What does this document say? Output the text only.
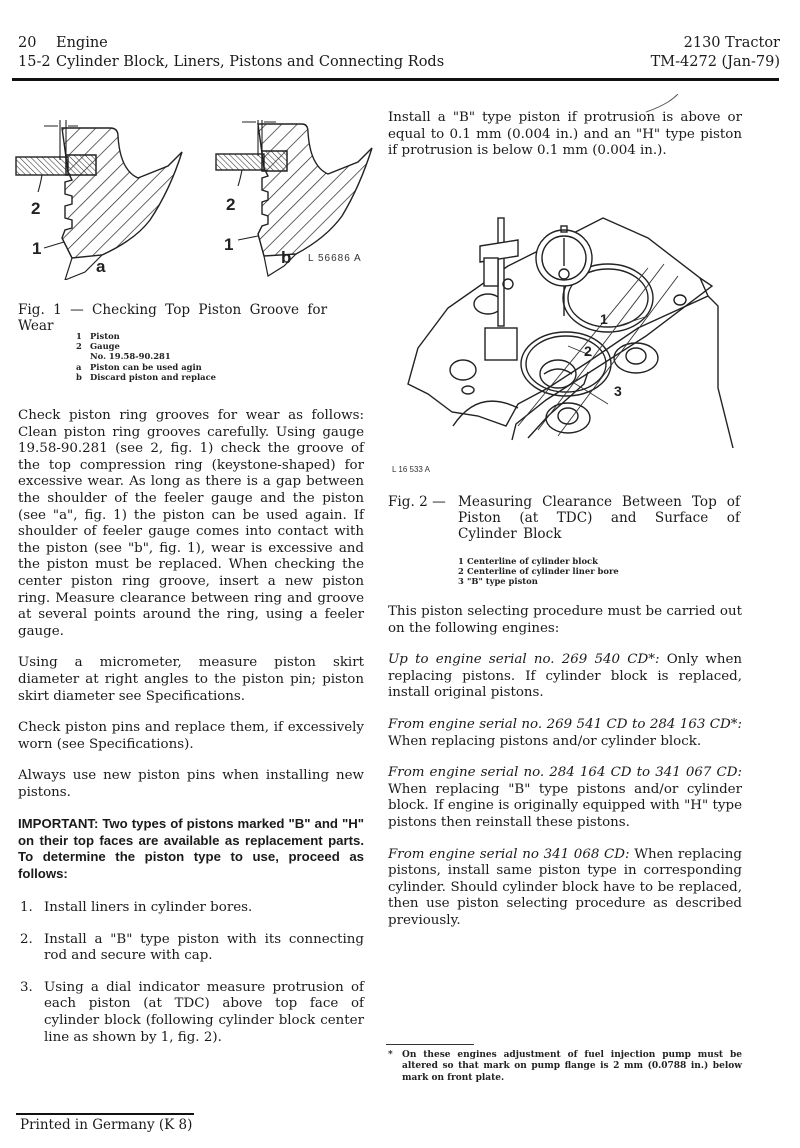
20 Engine
15-2 Cylinder Block, Liners, Pistons and Connecting Rods
2130 Tractor
TM-4272 (Jan-79)
2
1
a
2
1
b L 56686 A
Fig. 1 — Checking Top Piston Groove for Wear
1 Piston
2 Gauge
No. 19.58-90.281
a Piston can be used agin
b Discard piston and replace

Check piston ring grooves for wear as follows: Clean piston ring grooves carefully. Using gauge 19.58-90.281 (see 2, fig. 1) check the groove of the top compression ring (keystone-shaped) for excessive wear. As long as there is a gap between the shoulder of the feeler gauge and the piston (see "a", fig. 1) the piston can be used again. If shoulder of feeler gauge comes into contact with the piston (see "b", fig. 1), wear is excessive and the piston must be replaced. When checking the center piston ring groove, insert a new piston ring. Measure clearance between ring and groove at several points around the ring, using a feeler gauge.

Using a micrometer, measure piston skirt diameter at right angles to the piston pin; piston skirt diameter see Specifications.

Check piston pins and replace them, if excessively worn (see Specifications).

Always use new piston pins when installing new pistons.

IMPORTANT: Two types of pistons marked "B" and "H" on their top faces are available as replacement parts. To determine the piston type to use, proceed as follows:

1. Install liners in cylinder bores.
2. Install a "B" type piston with its connecting rod and secure with cap.
3. Using a dial indicator measure protrusion of each piston (at TDC) above top face of cylinder block (following cylinder block center line as shown by 1, fig. 2).
Install a "B" type piston if protrusion is above or equal to 0.1 mm (0.004 in.) and an "H" type piston if protrusion is below 0.1 mm (0.004 in.).
1
2
3
L 16 533 A
Fig. 2 — Measuring Clearance Between Top of Piston (at TDC) and Surface of Cylinder Block
1 Centerline of cylinder block
2 Centerline of cylinder liner bore
3 "B" type piston

This piston selecting procedure must be carried out on the following engines:

Up to engine serial no. 269 540 CD*: Only when replacing pistons. If cylinder block is replaced, install original pistons.

From engine serial no. 269 541 CD to 284 163 CD*: When replacing pistons and/or cylinder block.

From engine serial no. 284 164 CD to 341 067 CD: When replacing "B" type pistons and/or cylinder block. If engine is originally equipped with "H" type pistons then reinstall these pistons.

From engine serial no 341 068 CD: When replacing pistons, install same piston type in corresponding cylinder. Should cylinder block have to be replaced, then use piston selecting procedure as described previously.

* On these engines adjustment of fuel injection pump must be altered so that mark on pump flange is 2 mm (0.0788 in.) below mark on front plate.
Printed in Germany (K 8)
